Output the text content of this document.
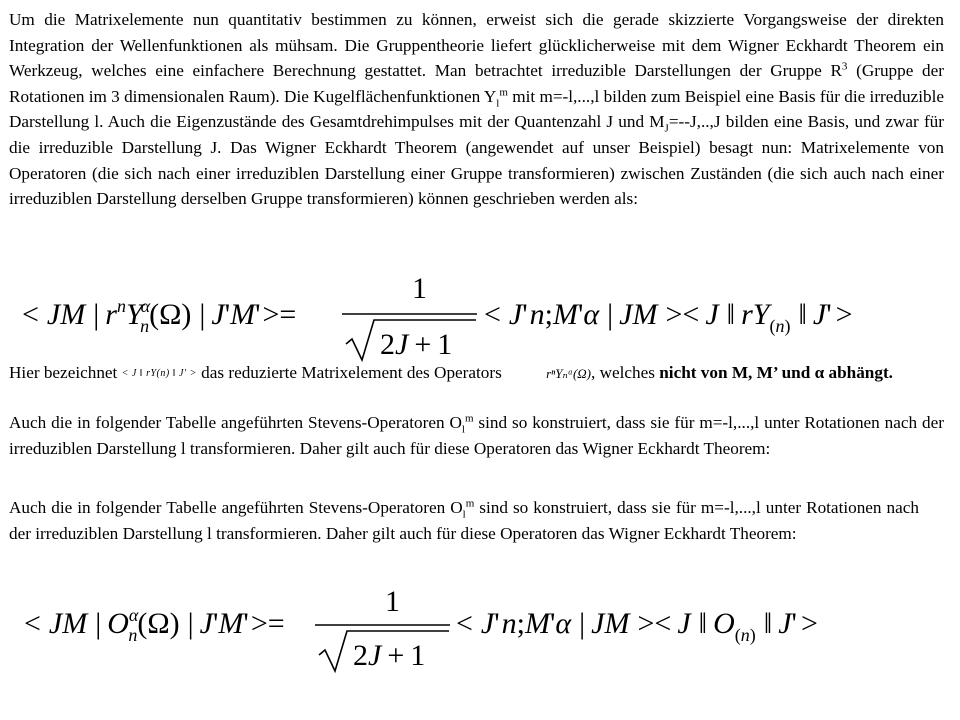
Um die Matrixelemente nun quantitativ bestimmen zu können, erweist sich die gerade skizzierte Vorgangsweise der direkten Integration der Wellenfunktionen als mühsam. Die Gruppentheorie liefert glücklicherweise mit dem Wigner Eckhardt Theorem ein Werkzeug, welches eine einfachere Berechnung gestattet. Man betrachtet irreduzible Darstellungen der Gruppe $R^3$ (Gruppe der Rotationen im 3 dimensionalen Raum). Die Kugelflächenfunktionen $Y_l^m$ mit m=-l,...,l bilden zum Beispiel eine Basis für die irreduzible Darstellung l. Auch die Eigenzustände des Gesamtdrehimpulses mit der Quantenzahl J und $M_J=--J,..,J$ bilden eine Basis, und zwar für die irreduzible Darstellung J. Das Wigner Eckhardt Theorem (angewendet auf unser Beispiel) besagt nun: Matrixelemente von Operatoren (die sich nach einer irreduziblen Darstellung einer Gruppe transformieren) zwischen Zuständen (die sich auch nach einer irreduziblen Darstellung derselben Gruppe transformieren) können geschrieben werden als:

< JM | $r^nY\alpha$ n(Ω) | J'M'>=
1
2J + 1
< J'n;M'α | JM >< J ‖ $rY_(n$) ‖ J' >

Hier bezeichnet < J ‖ rY(n) ‖ J' > das reduzierte Matrixelement des Operators	rⁿYₙᵅ(Ω), welches nicht von M, M’ und α abhängt.

Auch die in folgender Tabelle angeführten Stevens-Operatoren $O_l^m$ sind so konstruiert, dass sie für m=-l,...,l unter Rotationen nach der irreduziblen Darstellung l transformieren. Daher gilt auch für diese Operatoren das Wigner Eckhardt Theorem:

Auch die in folgender Tabelle angeführten Stevens-Operatoren $O_l^m$ sind so konstruiert, dass sie für m=-l,...,l unter Rotationen nach der irreduziblen Darstellung l transformieren. Daher gilt auch für diese Operatoren das Wigner Eckhardt Theorem:

< JM | $O^\alpha$ n(Ω) | J'M'>=
1
2J + 1
< J'n;M'α | JM >< J ‖ $O_(n$) ‖ J' >
